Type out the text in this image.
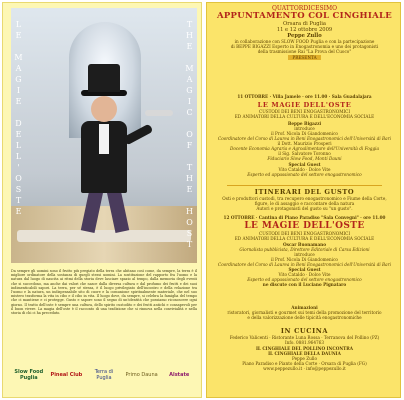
LE MAGIE DELL'OSTE	THE MAGIC OF THE HOST
Da sempre gli uomini sono il frutto più pregiato della terra che abitano così come, da sempre, la terra è il migliore ordinatore della sostanza di quegli stessi uomini. La sostituzione del rapporto fra l'uomo e la natura dal luogo di nascita ai ritmi della storia deve lasciare spazio al tempo, dalla memoria degli eventi che si succedono, ma anche dai valori che nasce dalla diversa cultura e dal profumo dei frutti e dei suoi indimenticabili sapori. La terra, per sé stessa, è il luogo privilegiato dell'incontro e della relazione tra l'uomo e la natura, un indispensabile sito di cuore e la comunione spiritualmente materiale, che nel suo mistero trasforma la vita in cibo e il cibo in vita. Il luogo dove, da sempre, si celebra la famiglia del tempo che ci mantiene e ci protegge. Gusto e sapore sono il segno di un'identità che possiamo riconoscere ogni giorno. Il tratto dell'oste è sempre una cultura, dello spirito custodito e dei frutti antichi e consapevoli per il buon vivere. La magia dell'oste è il racconto di una tradizione che si rinnova nella convivialità e nella storia di chi ci ha preceduto.
Slow Food Puglia	Pineal Club	Terra di Puglia	Primo Dauna	Alstate
QUATTORDICESIMO
APPUNTAMENTO COL CINGHIALE
Orsara di Puglia
11 e 12 ottobre 2009
Peppe Zullo
in collaborazione con SLOW FOOD Puglia e con la partecipazione
di BEPPE BIGAZZI Esperto in Enogastronomia e uno dei protagonisti
della trasmissione Rai "La Prova del Cuoco"
PRESENTA
11 OTTOBRE · Villa Jamele · ore 11.00 · Sala Guadalajara
LE MAGIE DELL'OSTE
CUSTODI DEI BENI ENOGASTRONOMICI
ED ANIMATORI DELLA CULTURA E DELL'ECONOMIA SOCIALE
Beppe Bigazzi
introduce
il Prof. Nicola Di Giandomenico
Coordinatore del Corso di Laurea in Beni Enogastronomici dell'Università di Bari
il Dott. Maurizio Prosperi
Docente Economia Agraria e Agroalimentare dell'Università di Foggia
il Sig. Salvatore Toronno
Fiduciario Slow Food, Monti Dauni
Special Guest
Vito Cataldo · Dolce Vite
Esperto ed appassionato del settore enogastronomico
ITINERARI DEL GUSTO
Osti e produttori custodi, tra recupero enogastronomico e Fiume della Corte,
figure, le di assaggio e raccontare della natura
Autori e protagonisti del gusto su "un gusto".
12 OTTOBRE · Cantina di Piano Paradiso "Sala Convegni" · ore 11.00
LE MAGIE DELL'OSTE
CUSTODI DEI BENI ENOGASTRONOMICI
ED ANIMATORI DELLA CULTURA E DELL'ECONOMIA SOCIALE
Oscar Buonamano
Giornalista pubblicista, Direttore Editoriale di Carsa Edizioni
introduce
il Prof. Nicola Di Giandomenico
Coordinatore del Corso di Laurea in Beni Enogastronomici dell'Università di Bari
Special Guest
Vito Cataldo · Dolce Vite
Esperto ed appassionato del settore enogastronomico
ne discute con il Luciano Pignataro
Animazioni
ristoratori, giornalisti e gourmet sui temi della promozione del territorio
e della valorizzazione delle tipicità enogastronomiche
IN CUCINA
Federico Valicenti · Ristorante Luna Rossa · Terranova del Pollino (PZ)
Info. 0881.964763
IL CINGHIALE DEL POLLINO INCONTRA
IL CINGHIALE DELLA DAUNIA
Peppe Zullo
Piano Paradiso e Pianto della Corte · Orsara di Puglia (FG)
www.peppezullo.it · info@peppezullo.it
